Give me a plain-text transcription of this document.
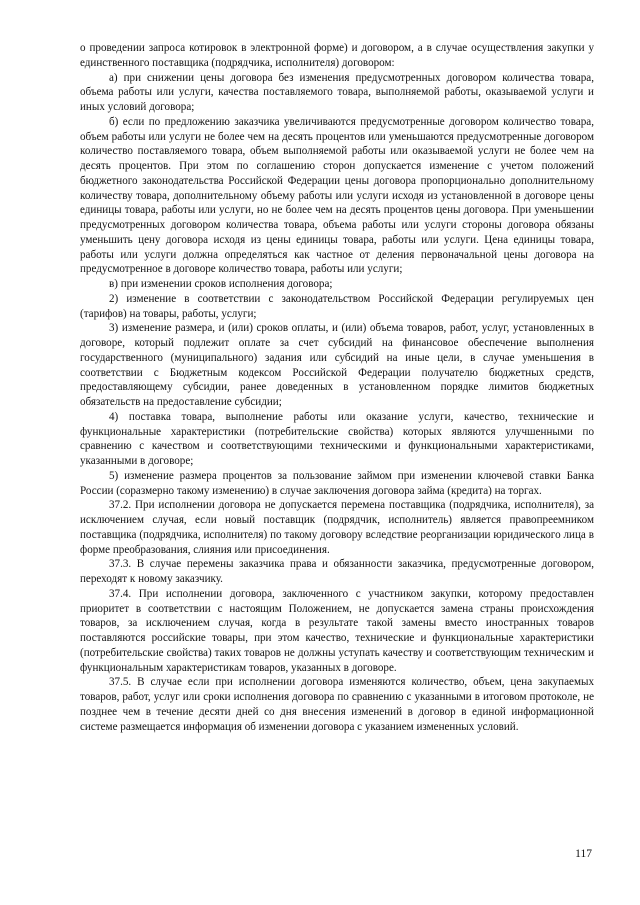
о проведении запроса котировок в электронной форме) и договором, а в случае осуществления закупки у единственного поставщика (подрядчика, исполнителя) договором:

а) при снижении цены договора без изменения предусмотренных договором количества товара, объема работы или услуги, качества поставляемого товара, выполняемой работы, оказываемой услуги и иных условий договора;

б) если по предложению заказчика увеличиваются предусмотренные договором количество товара, объем работы или услуги не более чем на десять процентов или уменьшаются предусмотренные договором количество поставляемого товара, объем выполняемой работы или оказываемой услуги не более чем на десять процентов. При этом по соглашению сторон допускается изменение с учетом положений бюджетного законодательства Российской Федерации цены договора пропорционально дополнительному количеству товара, дополнительному объему работы или услуги исходя из установленной в договоре цены единицы товара, работы или услуги, но не более чем на десять процентов цены договора. При уменьшении предусмотренных договором количества товара, объема работы или услуги стороны договора обязаны уменьшить цену договора исходя из цены единицы товара, работы или услуги. Цена единицы товара, работы или услуги должна определяться как частное от деления первоначальной цены договора на предусмотренное в договоре количество товара, работы или услуги;

в) при изменении сроков исполнения договора;

2) изменение в соответствии с законодательством Российской Федерации регулируемых цен (тарифов) на товары, работы, услуги;

3) изменение размера, и (или) сроков оплаты, и (или) объема товаров, работ, услуг, установленных в договоре, который подлежит оплате за счет субсидий на финансовое обеспечение выполнения государственного (муниципального) задания или субсидий на иные цели, в случае уменьшения в соответствии с Бюджетным кодексом Российской Федерации получателю бюджетных средств, предоставляющему субсидии, ранее доведенных в установленном порядке лимитов бюджетных обязательств на предоставление субсидии;

4) поставка товара, выполнение работы или оказание услуги, качество, технические и функциональные характеристики (потребительские свойства) которых являются улучшенными по сравнению с качеством и соответствующими техническими и функциональными характеристиками, указанными в договоре;

5) изменение размера процентов за пользование займом при изменении ключевой ставки Банка России (соразмерно такому изменению) в случае заключения договора займа (кредита) на торгах.

37.2. При исполнении договора не допускается перемена поставщика (подрядчика, исполнителя), за исключением случая, если новый поставщик (подрядчик, исполнитель) является правопреемником поставщика (подрядчика, исполнителя) по такому договору вследствие реорганизации юридического лица в форме преобразования, слияния или присоединения.

37.3. В случае перемены заказчика права и обязанности заказчика, предусмотренные договором, переходят к новому заказчику.

37.4. При исполнении договора, заключенного с участником закупки, которому предоставлен приоритет в соответствии с настоящим Положением, не допускается замена страны происхождения товаров, за исключением случая, когда в результате такой замены вместо иностранных товаров поставляются российские товары, при этом качество, технические и функциональные характеристики (потребительские свойства) таких товаров не должны уступать качеству и соответствующим техническим и функциональным характеристикам товаров, указанных в договоре.

37.5. В случае если при исполнении договора изменяются количество, объем, цена закупаемых товаров, работ, услуг или сроки исполнения договора по сравнению с указанными в итоговом протоколе, не позднее чем в течение десяти дней со дня внесения изменений в договор в единой информационной системе размещается информация об изменении договора с указанием измененных условий.

117
